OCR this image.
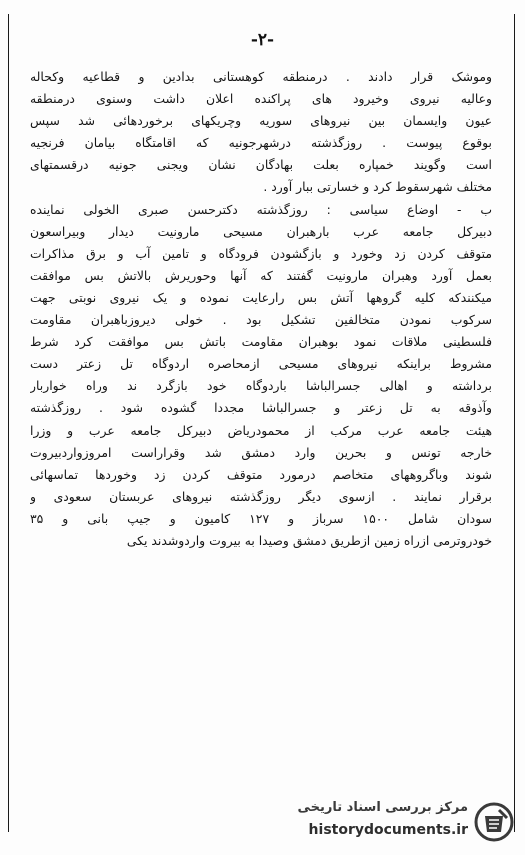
-۲-
وموشک قرار دادند . درمنطقه کوهستانی بدادین و قطاعیه وکحاله
وعالیه نیروی وخیرود های پراکنده اعلان داشت وسنوی درمنطقه
عیون وایسمان بین نیروهای سوریه وچریکهای برخوردهائی شد سپس
بوقوع پیوست . روزگذشته درشهرجونیه که اقامتگاه بیامان فرنجیه
است وگویند خمپاره بعلت بهادگان نشان ویجنی جونیه درقسمتهای
مختلف شهرسقوط کرد و خسارتی ببار آورد .
ب - اوضاع سیاسی : روزگذشته دکترحسن صبری الخولی نماینده
دبیرکل جامعه عرب بارهبران مسیحی مارونیت دیدار وبیراسعون
متوقف کردن زد وخورد و بازگشودن فرودگاه و تامین آب و برق مذاکرات
بعمل آورد وهبران مارونیت گفتند که آنها وحوریرش بالاتش بس موافقت
میکنندکه کلیه گروهها آتش بس رارعایت نموده و یک نیروی نوبتی جهت
سرکوب نمودن متخالفین تشکیل بود . خولی دیروزباهبران مقاومت
فلسطینی ملاقات نمود بوهبران مقاومت باتش بس موافقت کرد شرط
مشروط براینکه نیروهای مسیحی ازمحاصره اردوگاه تل زعتر دست
برداشته و اهالی جسرالباشا باردوگاه خود بازگرد ند وراه خواربار
وآذوقه به تل زعتر و جسرالباشا مجددا گشوده شود . روزگذشته
هیئت جامعه عرب مرکب از محمودریاض دبیرکل جامعه عرب و وزرا
خارجه تونس و بحرین وارد دمشق شد وقراراست امروزواردبیروت
شوند وباگروههای متخاصم درمورد متوقف کردن زد وخوردها تماسهائی
برقرار نمایند . ازسوی دیگر روزگذشته نیروهای عربستان سعودی و
سودان شامل ۱۵۰۰ سرباز و ۱۲۷ کامیون و جیپ بانی و ۳۵
خودروترمی ازراه زمین ازطریق دمشق وصیدا به بیروت واردوشدند یکی
مرکز بررسی اسناد تاریخی
historydocuments.ir
